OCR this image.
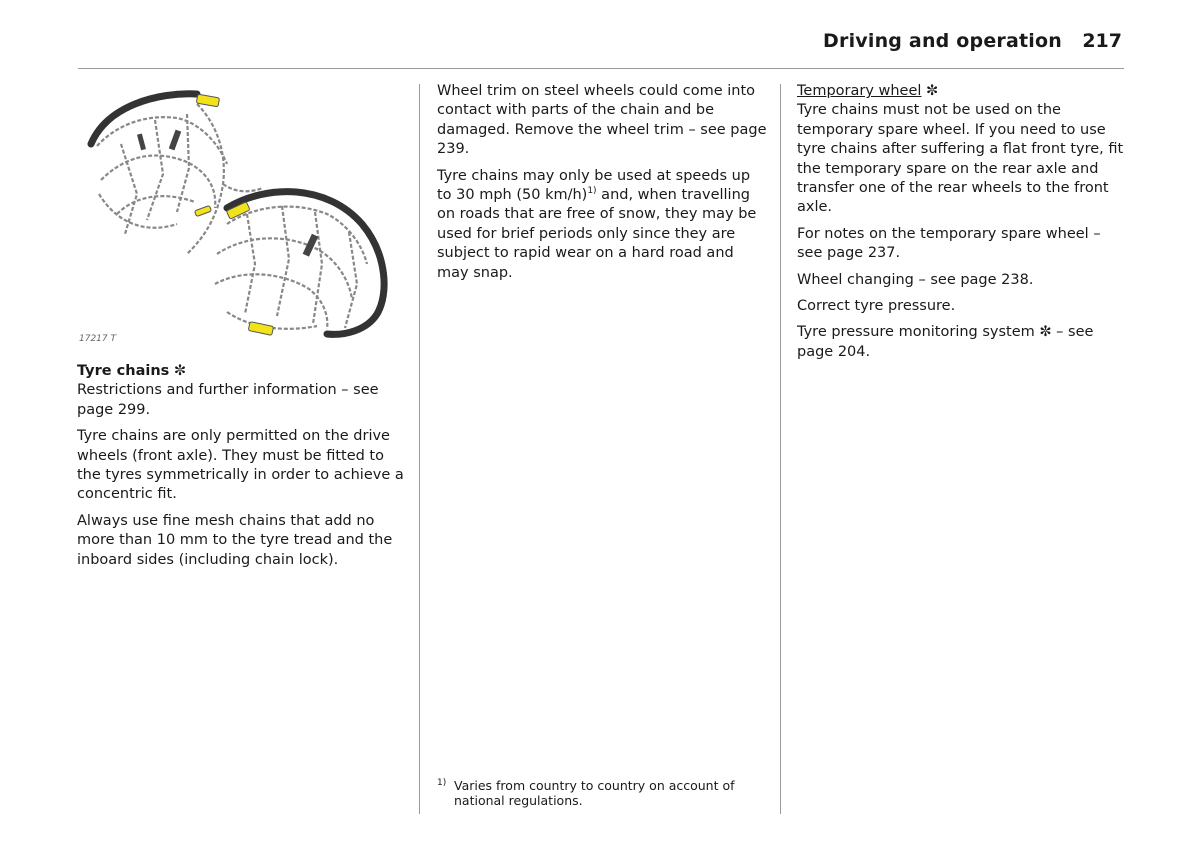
Driving and operation 217
17217 T
Tyre chains ✼

Restrictions and further information – see page 299.

Tyre chains are only permitted on the drive wheels (front axle). They must be fitted to the tyres symmetrically in order to achieve a concentric fit.

Always use fine mesh chains that add no more than 10 mm to the tyre tread and the inboard sides (including chain lock).

Wheel trim on steel wheels could come into contact with parts of the chain and be damaged. Remove the wheel trim – see page 239.

Tyre chains may only be used at speeds up to 30 mph (50 km/h)$^{1)}$ and, when travelling on roads that are free of snow, they may be used for brief periods only since they are subject to rapid wear on a hard road and may snap.

Temporary wheel ✼

Tyre chains must not be used on the temporary spare wheel. If you need to use tyre chains after suffering a flat front tyre, fit the temporary spare on the rear axle and transfer one of the rear wheels to the front axle.

For notes on the temporary spare wheel – see page 237.

Wheel changing – see page 238.

Correct tyre pressure.

Tyre pressure monitoring system ✼ – see page 204.

1) Varies from country to country on account of national regulations.
